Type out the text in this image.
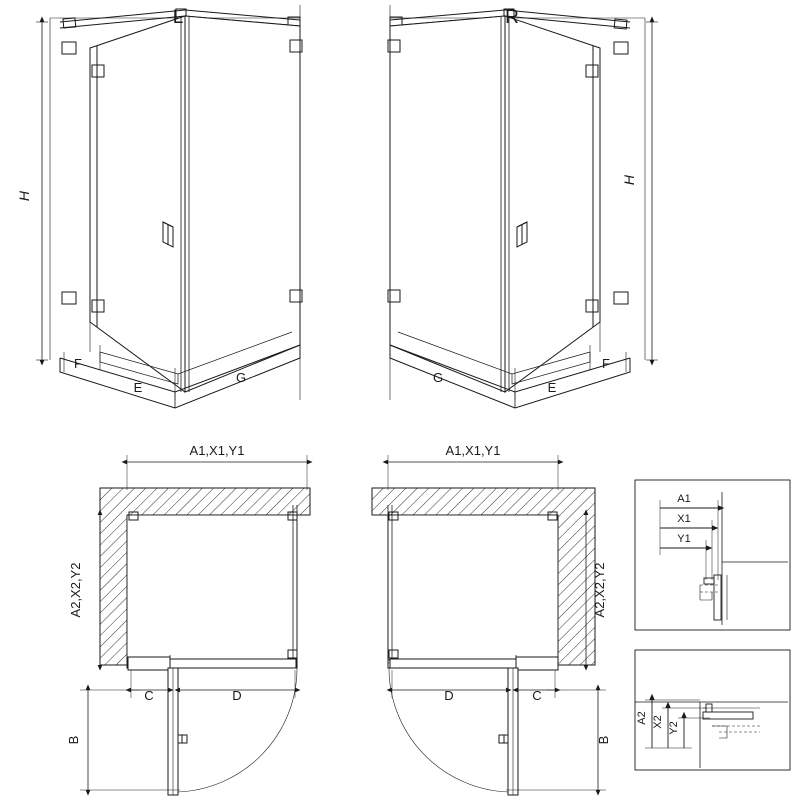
L
H
F
E
G
R
H
G
E
F
A1,X1,Y1
A2,X2,Y2
C	D
B
A1,X1,Y1
A2,X2,Y2
D	C
B
A1
X1
Y1
A2 X2 Y2
